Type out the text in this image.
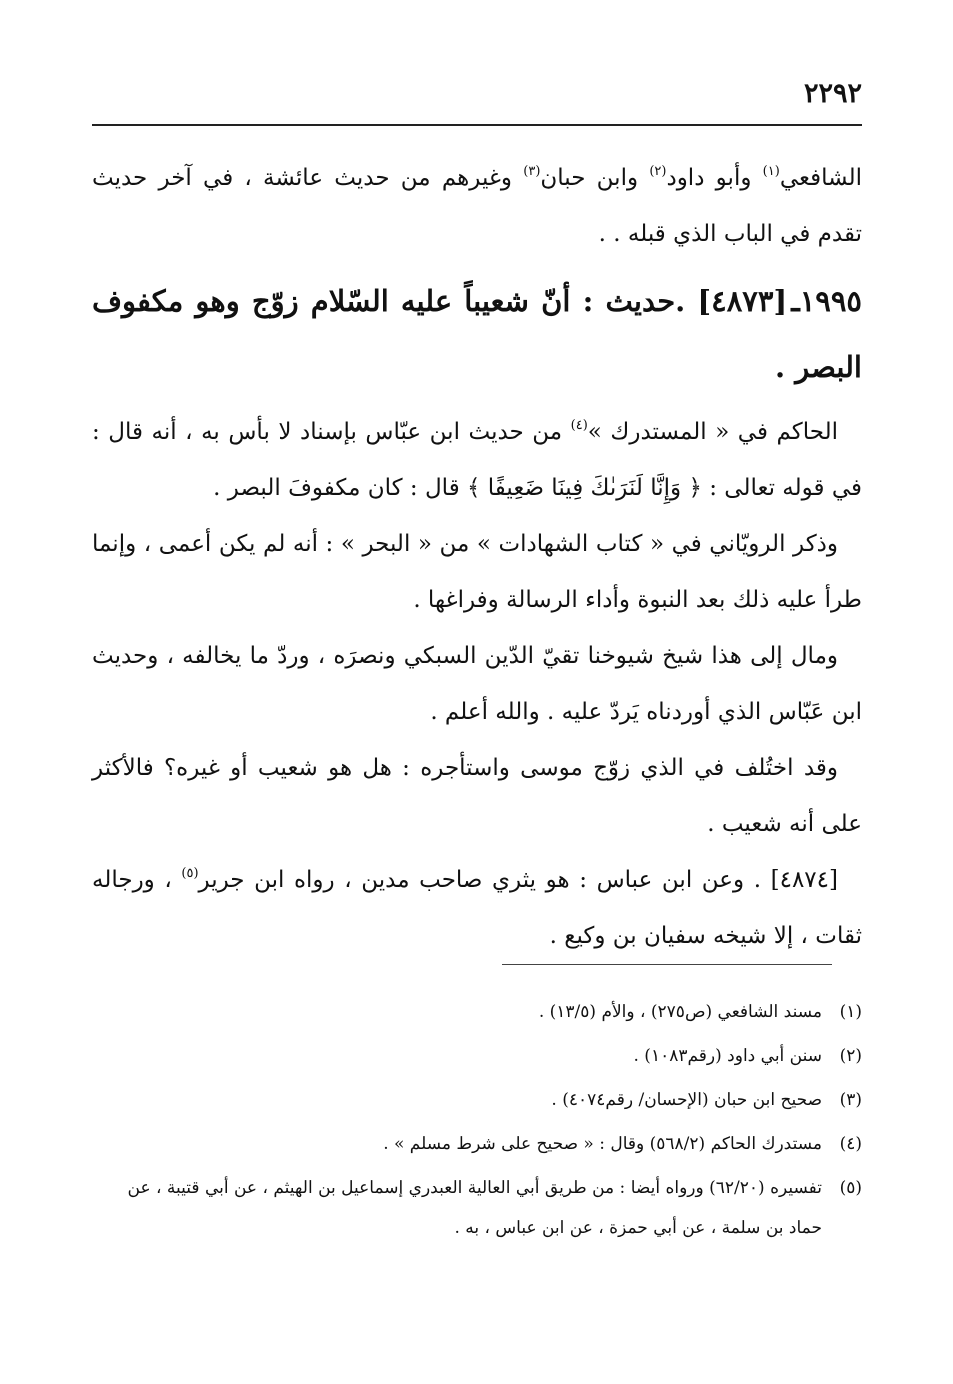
٢٢٩٢

الشافعي$^{(١)}$ وأبو داود$^{(٢)}$ وابن حبان$^{(٣)}$ وغيرهم من حديث عائشة ، في آخر حديث تقدم في الباب الذي قبله . .

١٩٩٥ـ[٤٨٧٣] .حديث : أنّ شعيباً عليه السّلام زوّج وهو مكفوف البصر .

الحاكم في « المستدرك »$^{(٤)}$ من حديث ابن عبّاس بإسناد لا بأس به ، أنه قال : في قوله تعالى : ﴿ وَإِنَّا لَنَرَىٰكَ فِينَا ضَعِيفًا ﴾ قال : كان مكفوفَ البصر .

وذكر الرويّاني في « كتاب الشهادات » من « البحر » : أنه لم يكن أعمى ، وإنما طرأ عليه ذلك بعد النبوة وأداء الرسالة وفراغها .

ومال إلى هذا شيخ شيوخنا تقيّ الدّين السبكي ونصرَه ، وردّ ما يخالفه ، وحديث ابن عَبّاس الذي أوردناه يَردّ عليه . والله أعلم .

وقد اختُلف في الذي زوّج موسى واستأجره : هل هو شعيب أو غيره؟ فالأكثر على أنه شعيب .

[٤٨٧٤] . وعن ابن عباس : هو يثري صاحب مدين ، رواه ابن جرير$^{(٥)}$ ، ورجاله ثقات ، إلا شيخه سفيان بن وكيع .

(١)
مسند الشافعي (ص٢٧٥) ، والأم (١٣/٥) .
(٢)
سنن أبي داود (رقم١٠٨٣) .
(٣)
صحيح ابن حبان (الإحسان/ رقم٤٠٧٤) .
(٤)
مستدرك الحاكم (٥٦٨/٢) وقال : « صحيح على شرط مسلم » .
(٥)
تفسيره (٦٢/٢٠) ورواه أيضا : من طريق أبي العالية العبدري إسماعيل بن الهيثم ، عن أبي قتيبة ، عن حماد بن سلمة ، عن أبي حمزة ، عن ابن عباس ، به .
